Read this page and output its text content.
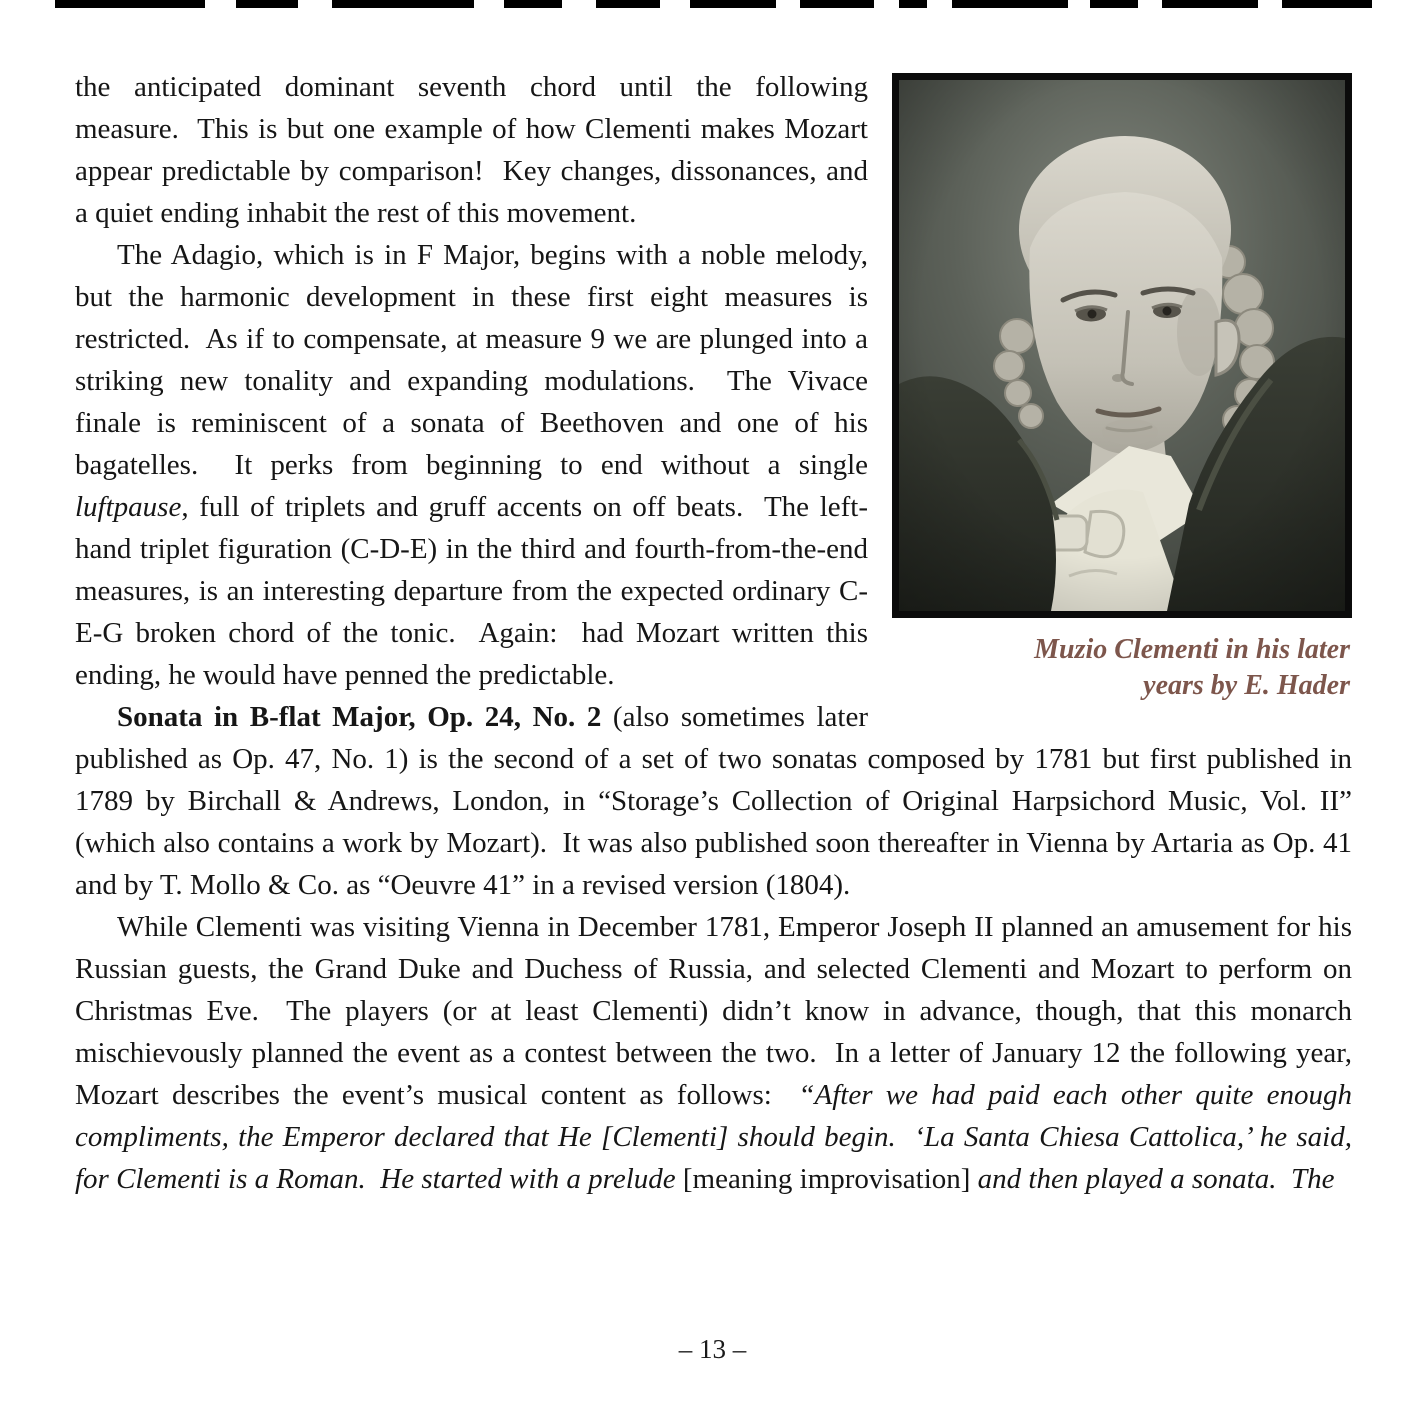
Muzio Clementi in his later
years by E. Hader

the anticipated dominant seventh chord until the following measure.  This is but one example of how Clementi makes Mozart appear predictable by comparison!  Key changes, dissonances, and a quiet ending inhabit the rest of this movement.

The Adagio, which is in F Major, begins with a noble melody, but the harmonic development in these first eight measures is restricted.  As if to compensate, at measure 9 we are plunged into a striking new tonality and expanding modulations.  The Vivace finale is reminiscent of a sonata of Beethoven and one of his bagatelles.  It perks from beginning to end without a single luftpause, full of triplets and gruff accents on off beats.  The left-hand triplet figuration (C-D-E) in the third and fourth-from-the-end measures, is an interesting departure from the expected ordinary C-E-G broken chord of the tonic.  Again:  had Mozart written this ending, he would have penned the predictable.

Sonata in B-flat Major, Op. 24, No. 2 (also sometimes later published as Op. 47, No. 1) is the second of a set of two sonatas composed by 1781 but first published in 1789 by Birchall & Andrews, London, in “Storage’s Collection of Original Harpsichord Music, Vol. II” (which also contains a work by Mozart).  It was also published soon thereafter in Vienna by Artaria as Op. 41 and by T. Mollo & Co. as “Oeuvre 41” in a revised version (1804).

While Clementi was visiting Vienna in December 1781, Emperor Joseph II planned an amusement for his Russian guests, the Grand Duke and Duchess of Russia, and selected Clementi and Mozart to perform on Christmas Eve.  The players (or at least Clementi) didn’t know in advance, though, that this monarch mischievously planned the event as a contest between the two.  In a letter of January 12 the following year, Mozart describes the event’s musical content as follows:  “After we had paid each other quite enough compliments, the Emperor declared that He [Clementi] should begin.  ‘La Santa Chiesa Cattolica,’ he said, for Clementi is a Roman.  He started with a prelude [meaning improvisation] and then played a sonata.  The

– 13 –
